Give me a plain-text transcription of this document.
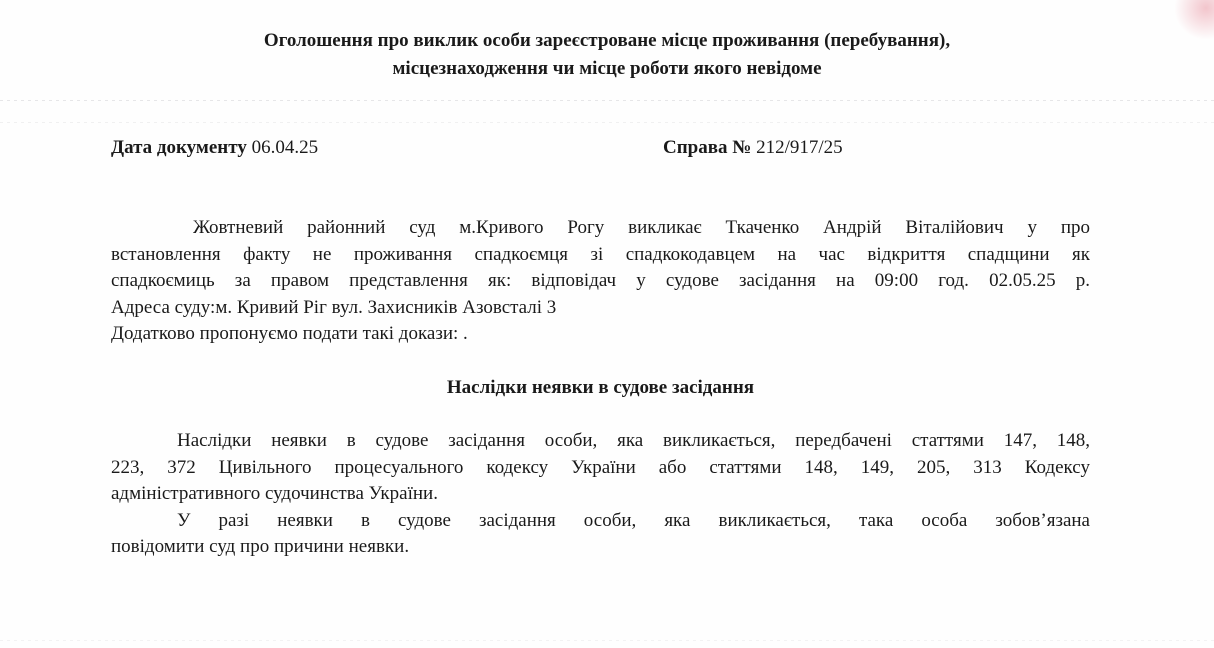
Оголошення про виклик особи зареєстроване місце проживання (перебування),
місцезнаходження чи місце роботи якого невідоме
Дата документу 06.04.25	Справа № 212/917/25
Жовтневий районний суд м.Кривого Рогу викликає Ткаченко Андрій Віталійович у про
встановлення факту не проживання спадкоємця зі спадкокодавцем на час відкриття спадщини як
спадкоємиць за правом представлення як: відповідач у судове засідання на 09:00 год. 02.05.25 р.
Адреса суду:м. Кривий Ріг вул. Захисників Азовсталі 3
Додатково пропонуємо подати такі докази: .
Наслідки неявки в судове засідання
Наслідки неявки в судове засідання особи, яка викликається, передбачені статтями 147, 148,
223, 372 Цивільного процесуального кодексу України або статтями 148, 149, 205, 313 Кодексу
адміністративного судочинства України.
У разі неявки в судове засідання особи, яка викликається, така особа зобов’язана
повідомити суд про причини неявки.
